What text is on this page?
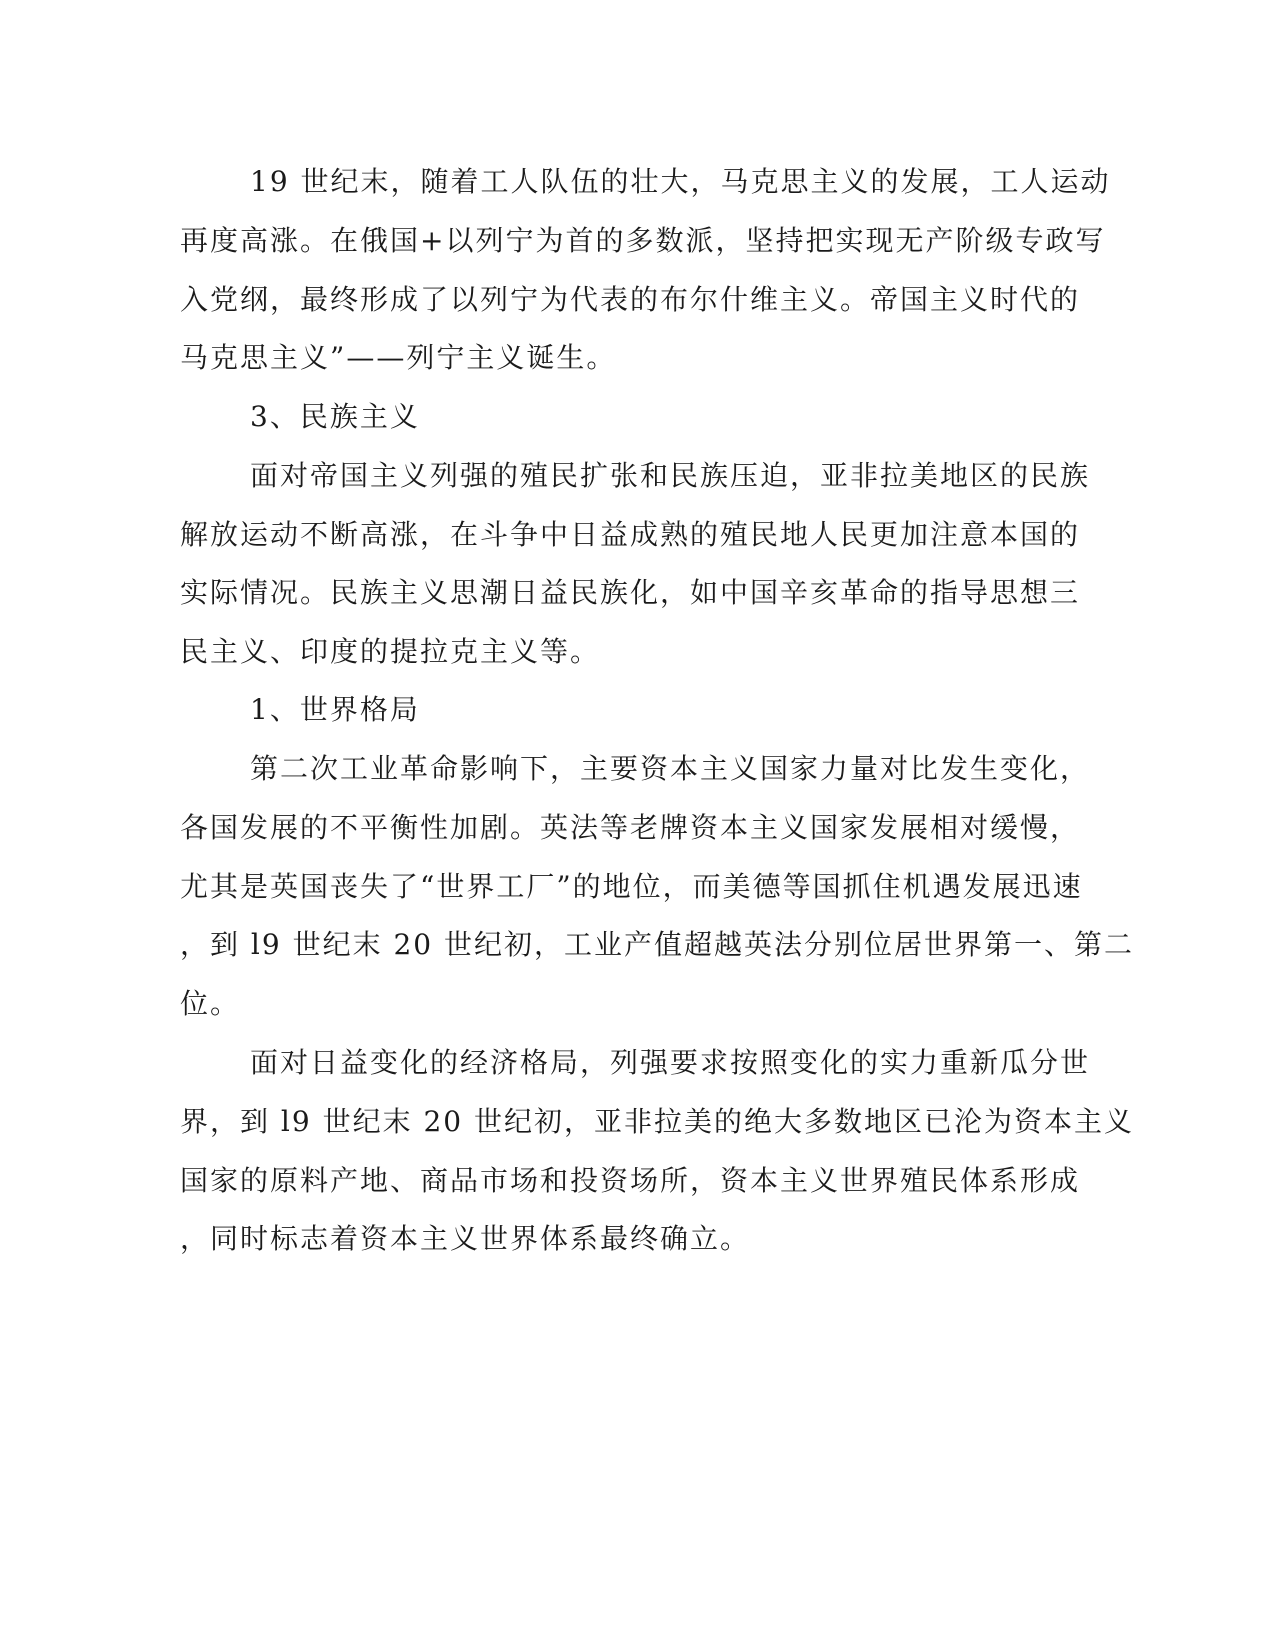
19 世纪末，随着工人队伍的壮大，马克思主义的发展，工人运动
再度高涨。在俄国+以列宁为首的多数派，坚持把实现无产阶级专政写
入党纲，最终形成了以列宁为代表的布尔什维主义。帝国主义时代的
马克思主义”——列宁主义诞生。
3、民族主义
面对帝国主义列强的殖民扩张和民族压迫，亚非拉美地区的民族
解放运动不断高涨，在斗争中日益成熟的殖民地人民更加注意本国的
实际情况。民族主义思潮日益民族化，如中国辛亥革命的指导思想三
民主义、印度的提拉克主义等。
1、世界格局
第二次工业革命影响下，主要资本主义国家力量对比发生变化，
各国发展的不平衡性加剧。英法等老牌资本主义国家发展相对缓慢，
尤其是英国丧失了“世界工厂”的地位，而美德等国抓住机遇发展迅速
，到 l9 世纪末 20 世纪初，工业产值超越英法分别位居世界第一、第二
位。
面对日益变化的经济格局，列强要求按照变化的实力重新瓜分世
界，到 l9 世纪末 20 世纪初，亚非拉美的绝大多数地区已沦为资本主义
国家的原料产地、商品市场和投资场所，资本主义世界殖民体系形成
，同时标志着资本主义世界体系最终确立。
